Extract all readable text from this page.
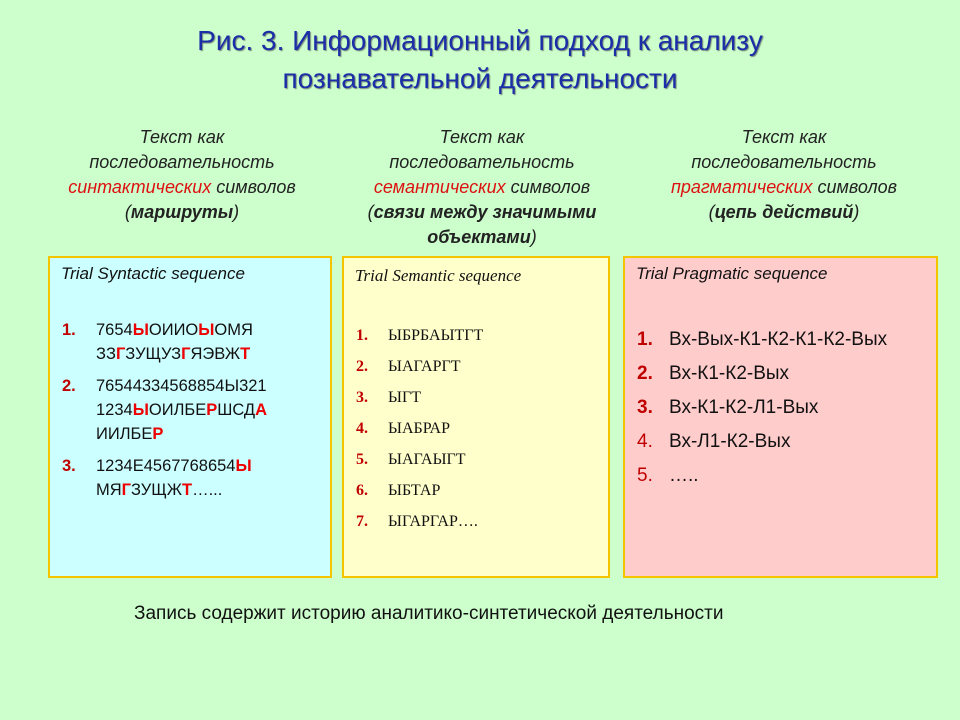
Рис. 3. Информационный подход к анализу
познавательной деятельности
Текст как
последовательность
синтактических символов
(маршруты)
Текст как
последовательность
семантических символов
(связи между значимыми объектами)
Текст как
последовательность
прагматических символов
(цепь действий)
Trial Syntactic sequence
1.	7654ЫОИИОЫОМЯ ЗЗГЗУЩУЗГЯЭВЖТ
2.	76544334568854Ы321 1234ЫОИЛБЕРШСДА ИИЛБЕР
3.	1234Е4567768654Ы МЯГЗУЩЖТ…...
Trial Semantic sequence
1.	ЫБРБАЫТГТ
2.	ЫАГАРГТ
3.	ЫГТ
4.	ЫАБРАР
5.	ЫАГАЫГТ
6.	ЫБТАР
7.	ЫГАРГАР….
Trial Pragmatic sequence
1. Вх-Вых-К1-К2-К1-К2-Вых
2. Вх-К1-К2-Вых
3. Вх-К1-К2-Л1-Вых
4. Вх-Л1-К2-Вых
5. …..
Запись содержит историю аналитико-синтетической деятельности
